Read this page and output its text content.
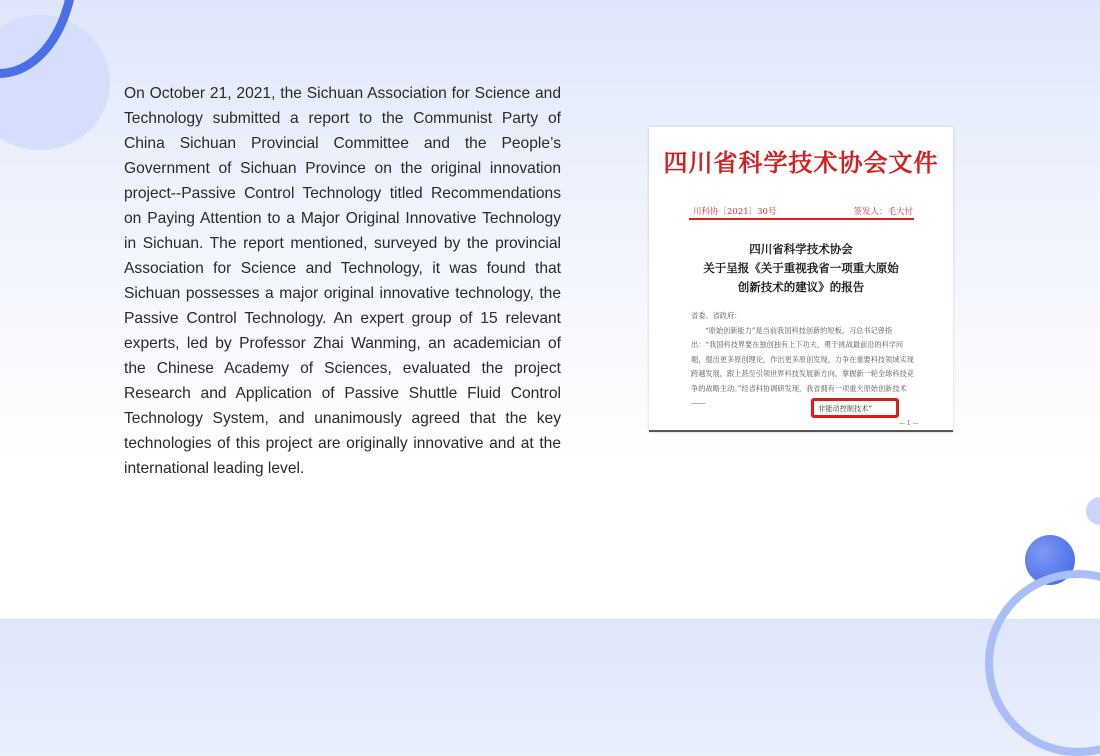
On October 21, 2021, the Sichuan Association for Science and Technology submitted a report to the Communist Party of China Sichuan Provincial Committee and the People’s Government of Sichuan Province on the original innovation project--Passive Control Technology titled Recommendations on Paying Attention to a Major Original Innovative Technology in Sichuan. The report mentioned, surveyed by the provincial Association for Science and Technology, it was found that Sichuan possesses a major original innovative technology, the Passive Control Technology. An expert group of 15 relevant experts, led by Professor Zhai Wanming, an academician of the Chinese Academy of Sciences, evaluated the project Research and Application of Passive Shuttle Fluid Control Technology System, and unanimously agreed that the key technologies of this project are originally innovative and at the international leading level.
四川省科学技术协会文件
川科协〔2021〕30号	签发人：毛大付
四川省科学技术协会
关于呈报《关于重视我省一项重大原始
创新技术的建议》的报告

省委、省政府：

“原始创新能力”是当前我国科技创新的短板。习总书记曾指出：“我国科技界要在独创独有上下功夫，勇于挑战最前沿的科学问题，提出更多原创理论，作出更多原创发现，力争在重要科技领域实现跨越发展，跟上甚至引领世界科技发展新方向，掌握新一轮全球科技竞争的战略主动。”经省科协调研发现，我省拥有一项重大原始创新技术——

非能动控制技术”
— 1 —
